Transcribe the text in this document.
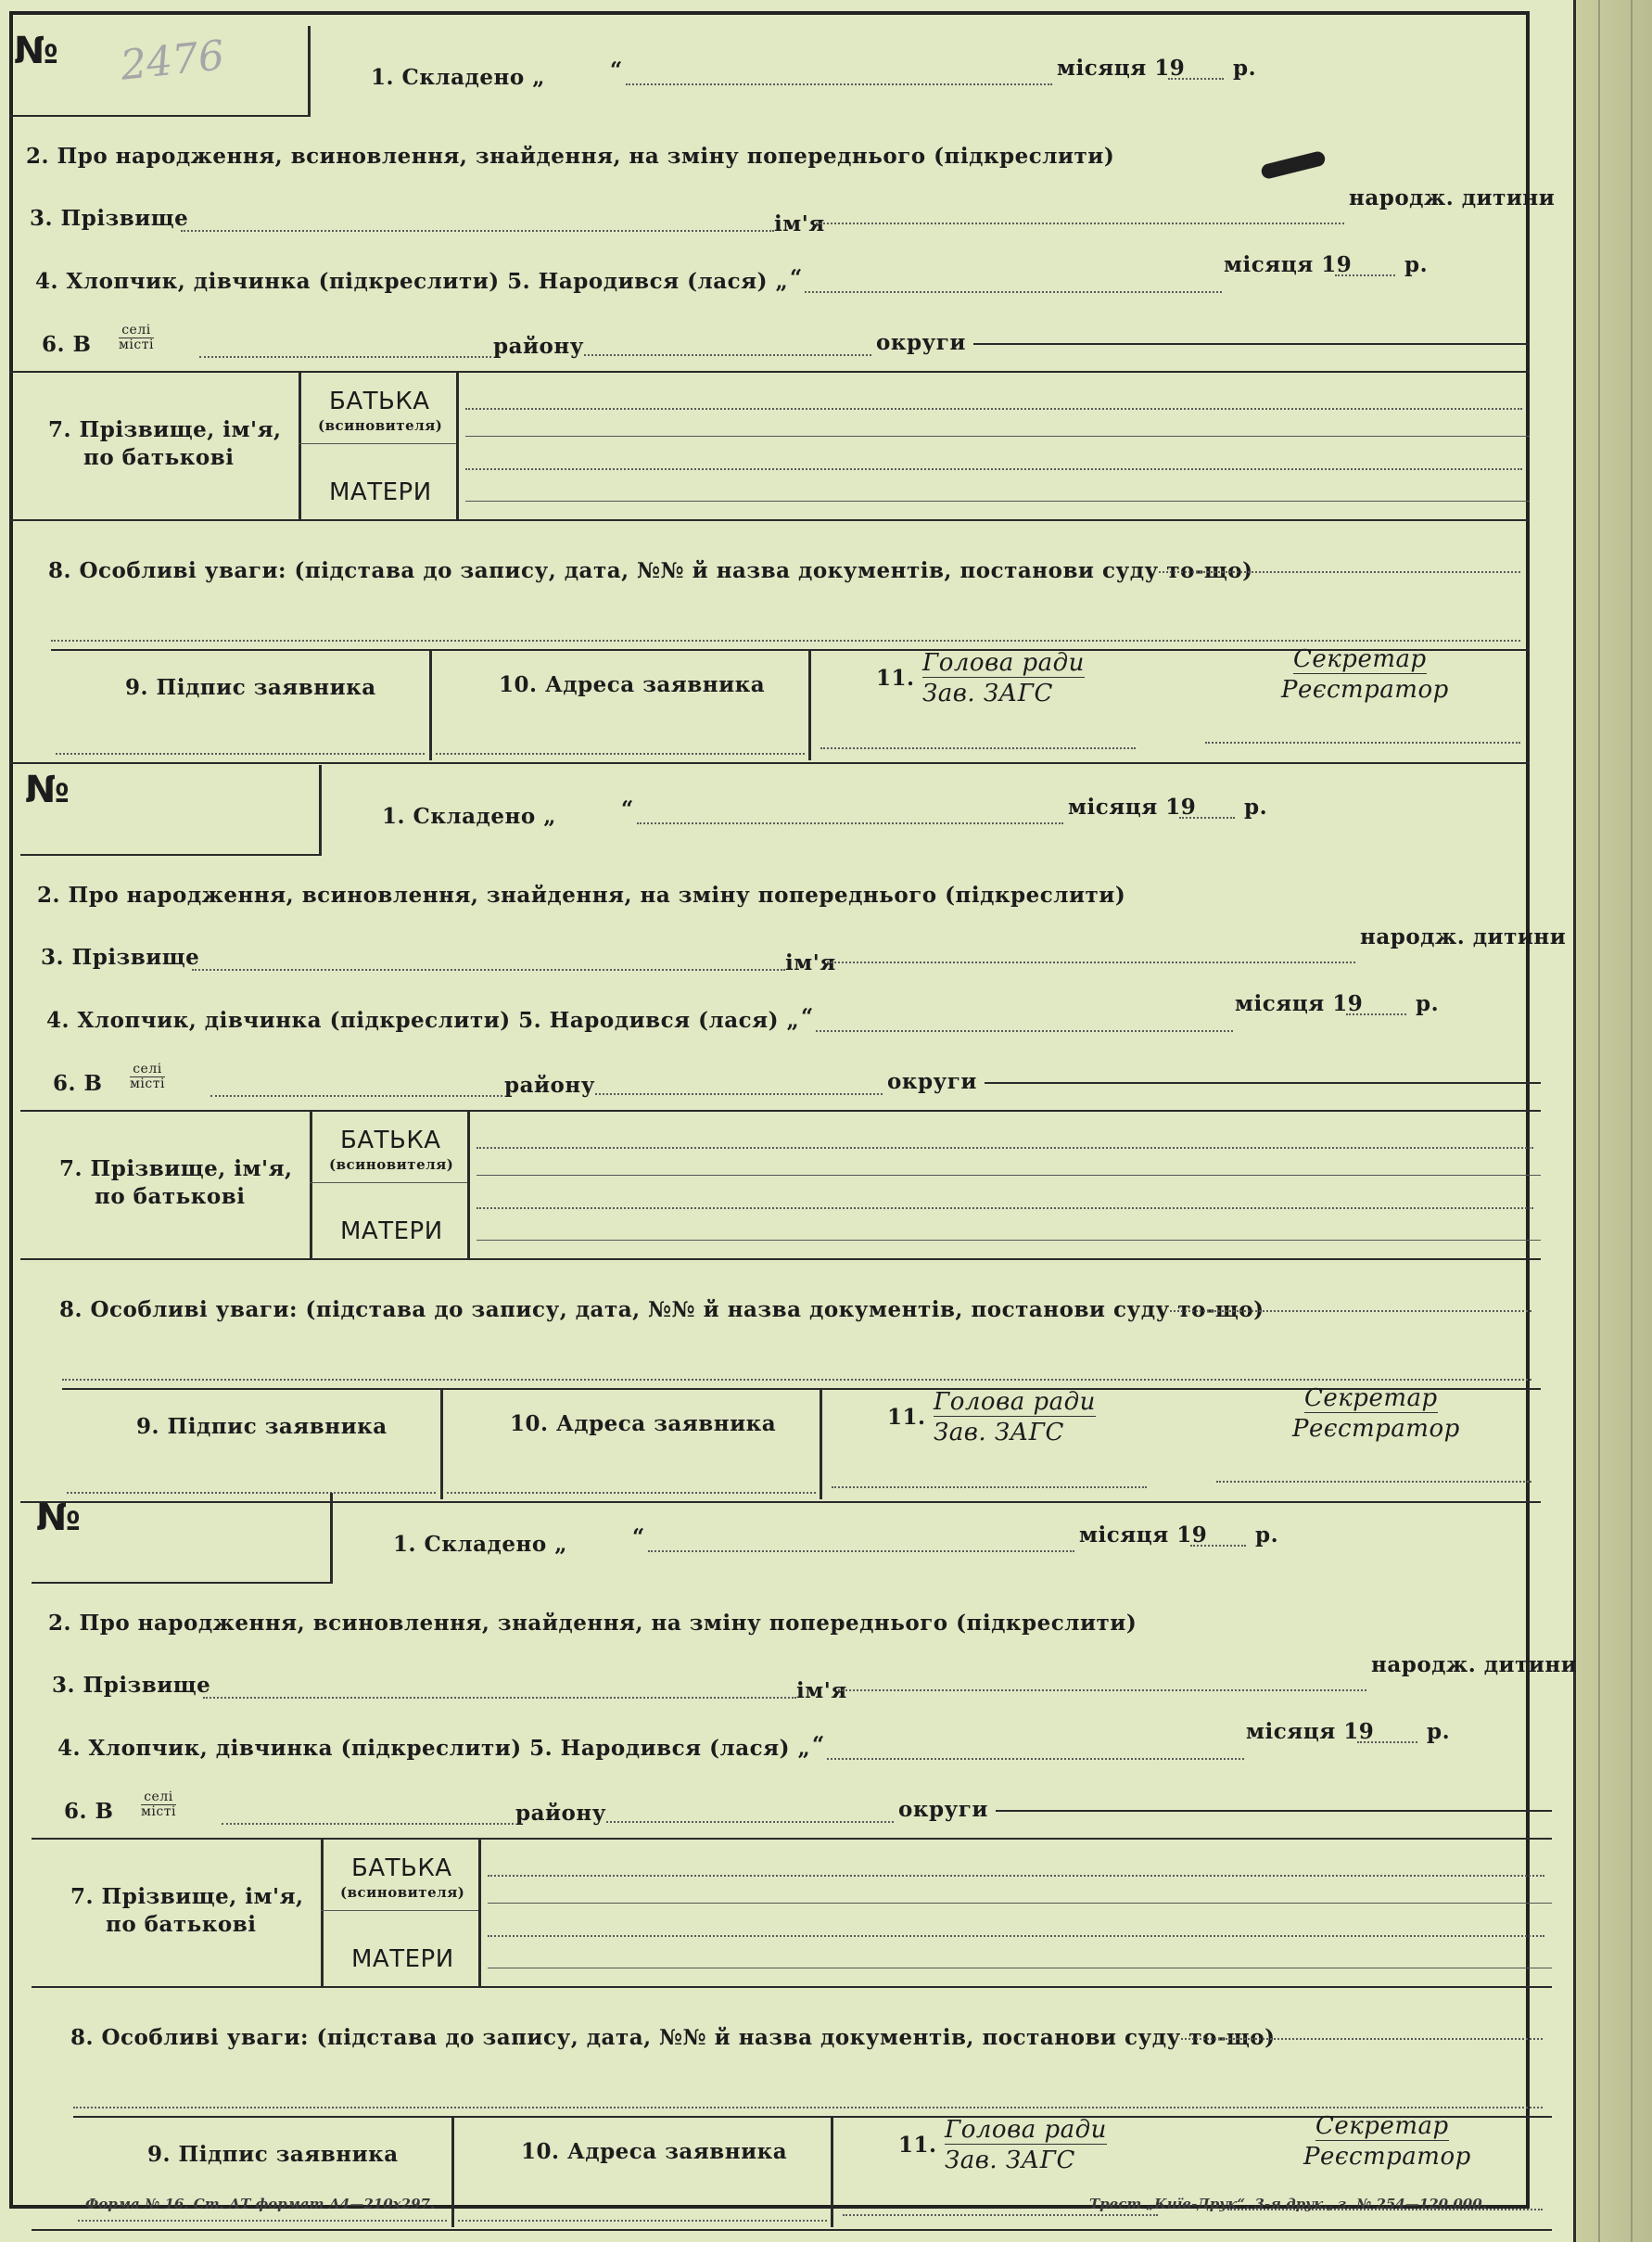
2476
№
1. Складено „	“	місяця 19 р.
2. Про народження, всиновлення, знайдення, на зміну попереднього (підкреслити)
3. Прізвище	ім'я
народж. дитини
4. Хлопчик, дівчинка (підкреслити) 5. Народився (лася) „ “
місяця 19 р.
6. В
селі
місті	району	округи
7. Прізвище, ім'я,
по батькові
БАТЬКА
(всиновителя)
МАТЕРИ
8. Особливі уваги: (підстава до запису, дата, №№ й назва документів, постанови суду то-що)
9. Підпис заявника	10. Адреса заявника	11.
Голова ради
Зав. ЗАГС
Секретар
Реєстратор
№
1. Складено „	“	місяця 19 р.
2. Про народження, всиновлення, знайдення, на зміну попереднього (підкреслити)
3. Прізвище	ім'я
народж. дитини
4. Хлопчик, дівчинка (підкреслити) 5. Народився (лася) „ “
місяця 19 р.
6. В
селі
місті	району	округи
7. Прізвище, ім'я,
по батькові
БАТЬКА
(всиновителя)
МАТЕРИ
8. Особливі уваги: (підстава до запису, дата, №№ й назва документів, постанови суду то-що)
9. Підпис заявника	10. Адреса заявника	11.
Голова ради
Зав. ЗАГС
Секретар
Реєстратор
№
1. Складено „	“	місяця 19 р.
2. Про народження, всиновлення, знайдення, на зміну попереднього (підкреслити)
3. Прізвище	ім'я
народж. дитини
4. Хлопчик, дівчинка (підкреслити) 5. Народився (лася) „ “
місяця 19 р.
6. В
селі
місті	району	округи
7. Прізвище, ім'я,
по батькові
БАТЬКА
(всиновителя)
МАТЕРИ
8. Особливі уваги: (підстава до запису, дата, №№ й назва документів, постанови суду то-що)
9. Підпис заявника	10. Адреса заявника	11.
Голова ради
Зав. ЗАГС
Секретар
Реєстратор
Форма № 16. Ст. АТ формат А4—210х297.	Трест „Київ-Друк“. 3-я друк., з. № 254—120.000.
